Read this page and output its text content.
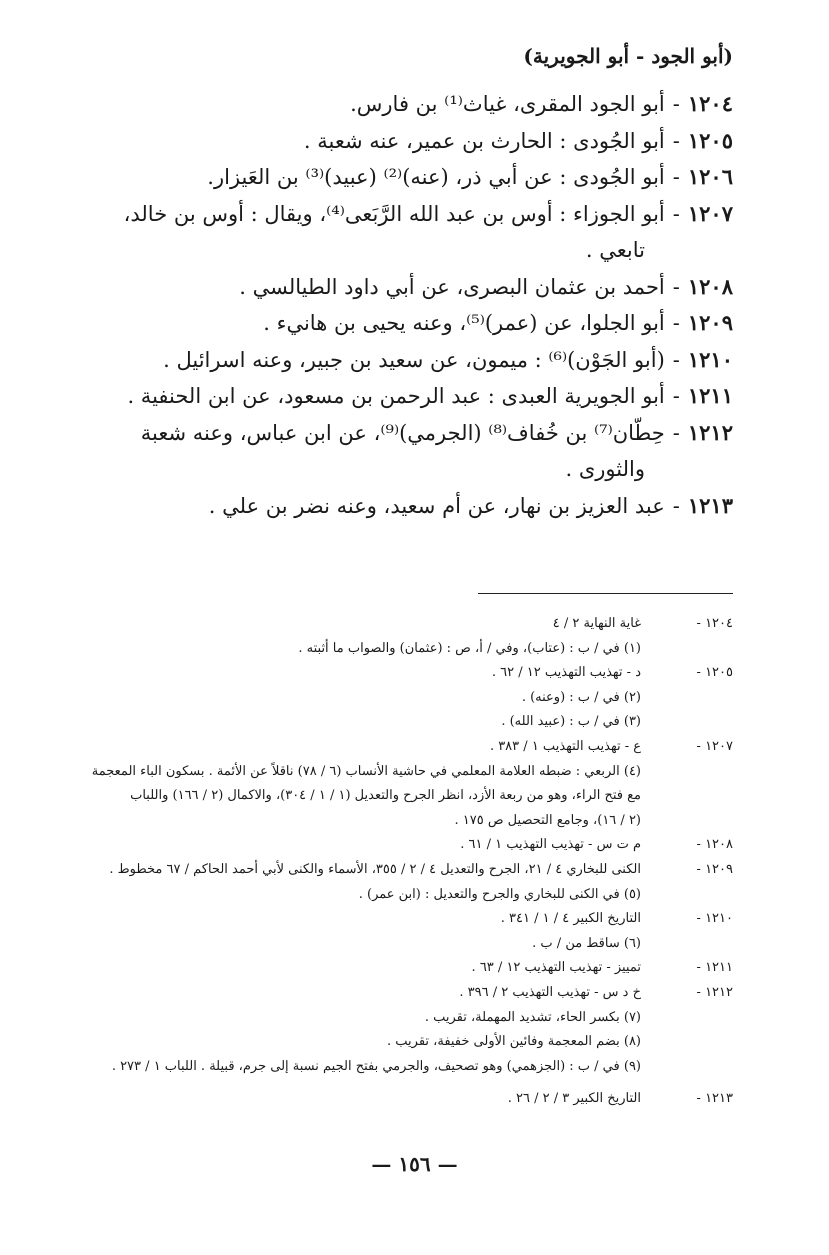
(أبو الجود - أبو الجويرية)
١٢٠٤-أبو الجود المقرى، غياث⁽¹⁾ بن فارس.
١٢٠٥-أبو الجُودى : الحارث بن عمير، عنه شعبة .
١٢٠٦-أبو الجُودى : عن أبي ذر، (عنه)⁽²⁾ (عبيد)⁽³⁾ بن العَيزار.
١٢٠٧-أبو الجوزاء : أوس بن عبد الله الرَّبَعى⁽⁴⁾، ويقال : أوس بن خالد،
تابعي .
١٢٠٨-أحمد بن عثمان البصرى، عن أبي داود الطيالسي .
١٢٠٩-أبو الجلوا، عن (عمر)⁽⁵⁾، وعنه يحيى بن هانيء .
١٢١٠-(أبو الجَوْن)⁽⁶⁾ : ميمون، عن سعيد بن جبير، وعنه اسرائيل .
١٢١١-أبو الجويرية العبدى : عبد الرحمن بن مسعود، عن ابن الحنفية .
١٢١٢-حِطّان⁽⁷⁾ بن خُفاف⁽⁸⁾ (الجرمي)⁽⁹⁾، عن ابن عباس، وعنه شعبة
والثورى .
١٢١٣-عبد العزيز بن نهار، عن أم سعيد، وعنه نضر بن علي .
١٢٠٤ -
غاية النهاية ٢ / ٤
(١) في / ب : (عتاب)، وفي / أ، ص : (عثمان) والصواب ما أثبته .
١٢٠٥ -
د - تهذيب التهذيب ١٢ / ٦٢ .
(٢) في / ب : (وعنه) .
(٣) في / ب : (عبيد الله) .
١٢٠٧ -
ع - تهذيب التهذيب ١ / ٣٨٣ .
(٤) الربعي : ضبطه العلامة المعلمي في حاشية الأنساب (٦ / ٧٨) ناقلاً عن الأئمة . بسكون الباء المعجمة
مع فتح الراء، وهو من ربعة الأزد، انظر الجرح والتعديل (١ / ١ / ٣٠٤)، والاكمال (٢ / ١٦٦) واللباب
(٢ / ١٦)، وجامع التحصيل ص ١٧٥ .
١٢٠٨ -
م ت س - تهذيب التهذيب ١ / ٦١ .
١٢٠٩ -
الكنى للبخاري ٤ / ٢١، الجرح والتعديل ٤ / ٢ / ٣٥٥، الأسماء والكنى لأبي أحمد الحاكم / ٦٧ مخطوط .
(٥) في الكنى للبخاري والجرح والتعديل : (ابن عمر) .
١٢١٠ -
التاريخ الكبير ٤ / ١ / ٣٤١ .
(٦) ساقط من / ب .
١٢١١ -
تمييز - تهذيب التهذيب ١٢ / ٦٣ .
١٢١٢ -
خ د س - تهذيب التهذيب ٢ / ٣٩٦ .
(٧) بكسر الحاء، تشديد المهملة، تقريب .
(٨) بضم المعجمة وفائين الأولى خفيفة، تقريب .
(٩) في / ب : (الجزهمي) وهو تصحيف، والجرمي بفتح الجيم نسبة إلى جرم، قبيلة . اللباب ١ / ٢٧٣ .
١٢١٣ -
التاريخ الكبير ٣ / ٢ / ٢٦ .
— ١٥٦ —
